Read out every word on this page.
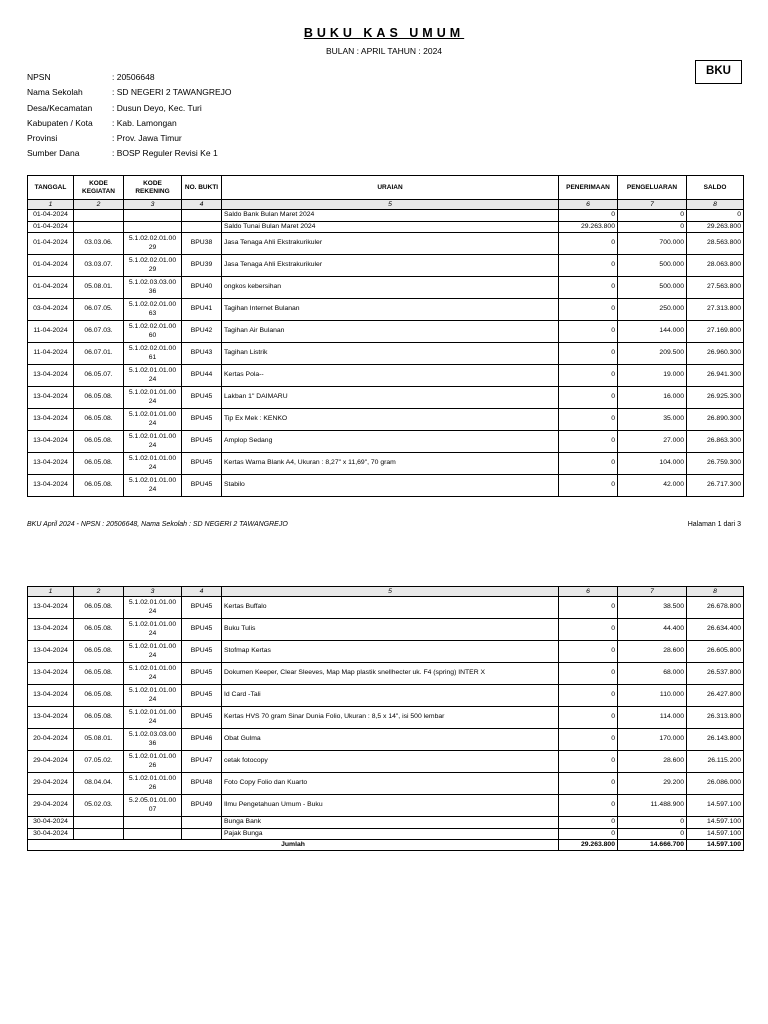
BUKU KAS UMUM
BULAN : APRIL TAHUN : 2024
BKU
NPSN	: 20506648
Nama Sekolah	: SD NEGERI 2 TAWANGREJO
Desa/Kecamatan	: Dusun Deyo, Kec. Turi
Kabupaten / Kota	: Kab. Lamongan
Provinsi	: Prov. Jawa Timur
Sumber Dana	: BOSP Reguler Revisi Ke 1
TANGGAL	KODE KEGIATAN	KODE REKENING	NO. BUKTI	URAIAN	PENERIMAAN	PENGELUARAN	SALDO
1	2	3	4	5	6	7	8
01-04-2024				Saldo Bank Bulan Maret 2024	0	0	0
01-04-2024				Saldo Tunai Bulan Maret 2024	29.263.800	0	29.263.800
01-04-2024	03.03.06.	5.1.02.02.01.00 29	BPU38	Jasa Tenaga Ahli Ekstrakurikuler	0	700.000	28.563.800
01-04-2024	03.03.07.	5.1.02.02.01.00 29	BPU39	Jasa Tenaga Ahli Ekstrakurikuler	0	500.000	28.063.800
01-04-2024	05.08.01.	5.1.02.03.03.00 36	BPU40	ongkos kebersihan	0	500.000	27.563.800
03-04-2024	06.07.05.	5.1.02.02.01.00 63	BPU41	Tagihan Internet Bulanan	0	250.000	27.313.800
11-04-2024	06.07.03.	5.1.02.02.01.00 60	BPU42	Tagihan Air Bulanan	0	144.000	27.169.800
11-04-2024	06.07.01.	5.1.02.02.01.00 61	BPU43	Tagihan Listrik	0	209.500	26.960.300
13-04-2024	06.05.07.	5.1.02.01.01.00 24	BPU44	Kertas Pola--	0	19.000	26.941.300
13-04-2024	06.05.08.	5.1.02.01.01.00 24	BPU45	Lakban 1" DAIMARU	0	16.000	26.925.300
13-04-2024	06.05.08.	5.1.02.01.01.00 24	BPU45	Tip Ex Mek : KENKO	0	35.000	26.890.300
13-04-2024	06.05.08.	5.1.02.01.01.00 24	BPU45	Amplop Sedang	0	27.000	26.863.300
13-04-2024	06.05.08.	5.1.02.01.01.00 24	BPU45	Kertas Warna Blank A4, Ukuran : 8,27" x 11,69", 70 gram	0	104.000	26.759.300
13-04-2024	06.05.08.	5.1.02.01.01.00 24	BPU45	Stabilo	0	42.000	26.717.300
BKU April 2024 - NPSN : 20506648, Nama Sekolah : SD NEGERI 2 TAWANGREJO	Halaman 1 dari 3
1	2	3	4	5	6	7	8
13-04-2024	06.05.08.	5.1.02.01.01.00 24	BPU45	Kertas Buffalo	0	38.500	26.678.800
13-04-2024	06.05.08.	5.1.02.01.01.00 24	BPU45	Buku Tulis	0	44.400	26.634.400
13-04-2024	06.05.08.	5.1.02.01.01.00 24	BPU45	Stofmap Kertas	0	28.600	26.605.800
13-04-2024	06.05.08.	5.1.02.01.01.00 24	BPU45	Dokumen Keeper, Clear Sleeves, Map Map plastik snellhecter uk. F4 (spring) INTER X	0	68.000	26.537.800
13-04-2024	06.05.08.	5.1.02.01.01.00 24	BPU45	Id Card -Tali	0	110.000	26.427.800
13-04-2024	06.05.08.	5.1.02.01.01.00 24	BPU45	Kertas HVS 70 gram Sinar Dunia Folio, Ukuran : 8,5 x 14", isi 500 lembar	0	114.000	26.313.800
20-04-2024	05.08.01.	5.1.02.03.03.00 36	BPU46	Obat Gulma	0	170.000	26.143.800
29-04-2024	07.05.02.	5.1.02.01.01.00 26	BPU47	cetak fotocopy	0	28.600	26.115.200
29-04-2024	08.04.04.	5.1.02.01.01.00 26	BPU48	Foto Copy Folio dan Kuarto	0	29.200	26.086.000
29-04-2024	05.02.03.	5.2.05.01.01.00 07	BPU49	Ilmu Pengetahuan Umum - Buku	0	11.488.900	14.597.100
30-04-2024				Bunga Bank	0	0	14.597.100
30-04-2024				Pajak Bunga	0	0	14.597.100
Jumlah					29.263.800	14.666.700	14.597.100
